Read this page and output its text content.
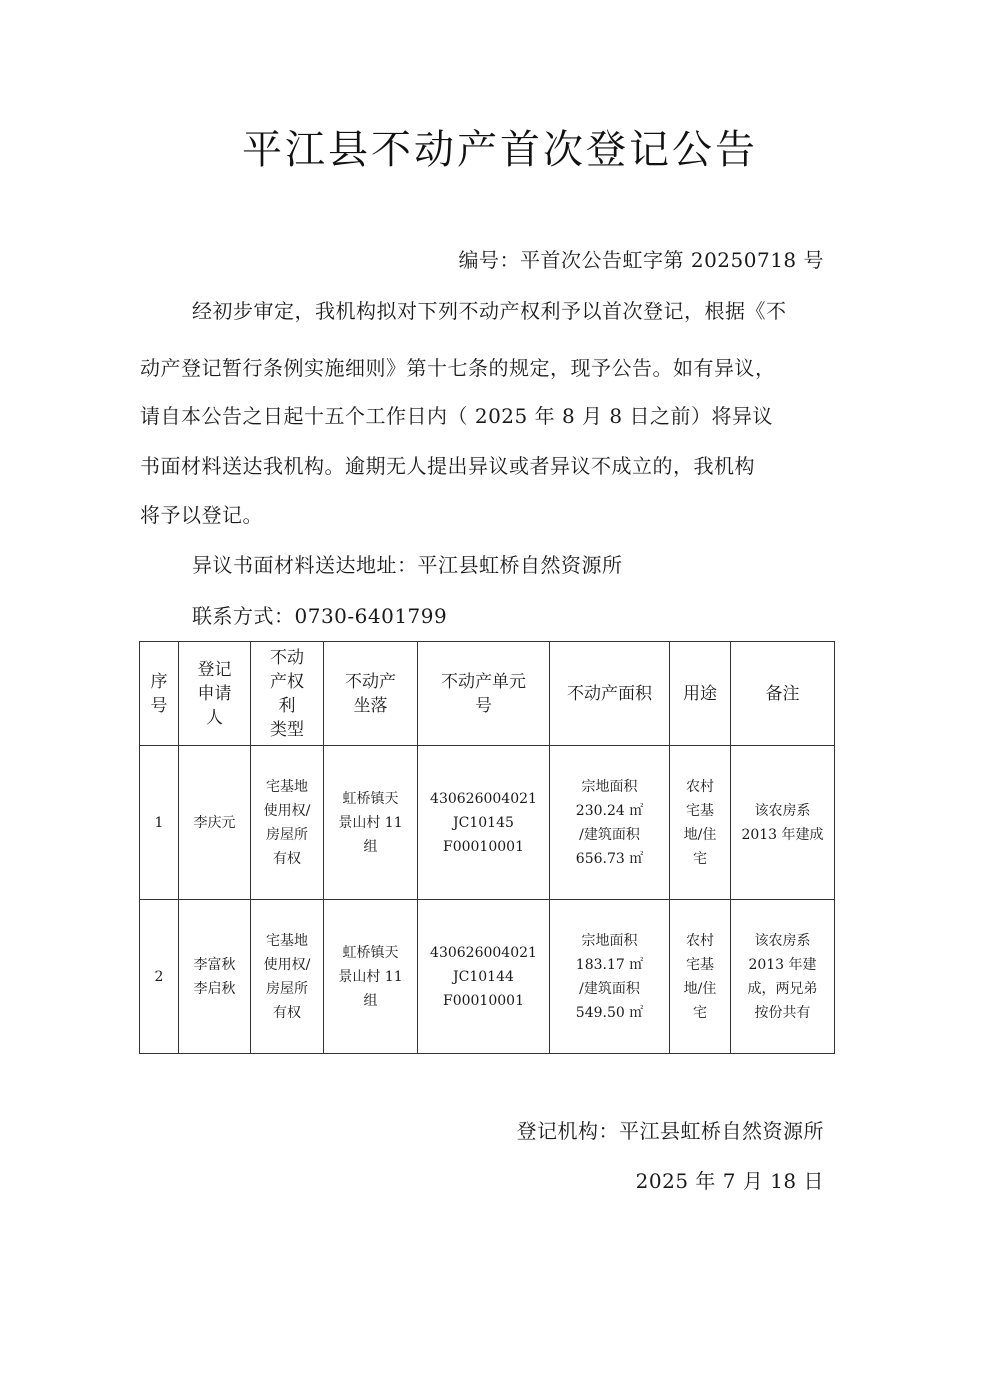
平江县不动产首次登记公告
编号：平首次公告虹字第 20250718 号
经初步审定，我机构拟对下列不动产权利予以首次登记，根据《不
动产登记暂行条例实施细则》第十七条的规定，现予公告。如有异议，
请自本公告之日起十五个工作日内（ 2025 年 8 月 8 日之前）将异议
书面材料送达我机构。逾期无人提出异议或者异议不成立的，我机构
将予以登记。
异议书面材料送达地址：平江县虹桥自然资源所
联系方式：0730-6401799
序
号	登记
申请
人	不动
产权
利
类型	不动产
坐落	不动产单元
号	不动产面积	用途	备注
1	李庆元	宅基地
使用权/
房屋所
有权	虹桥镇天
景山村 11
组	430626004021
JC10145
F00010001	宗地面积
230.24 ㎡
/建筑面积
656.73 ㎡	农村
宅基
地/住
宅	该农房系
2013 年建成
2	李富秋
李启秋	宅基地
使用权/
房屋所
有权	虹桥镇天
景山村 11
组	430626004021
JC10144
F00010001	宗地面积
183.17 ㎡
/建筑面积
549.50 ㎡	农村
宅基
地/住
宅	该农房系
2013 年建
成，两兄弟
按份共有
登记机构：平江县虹桥自然资源所
2025 年 7 月 18 日
